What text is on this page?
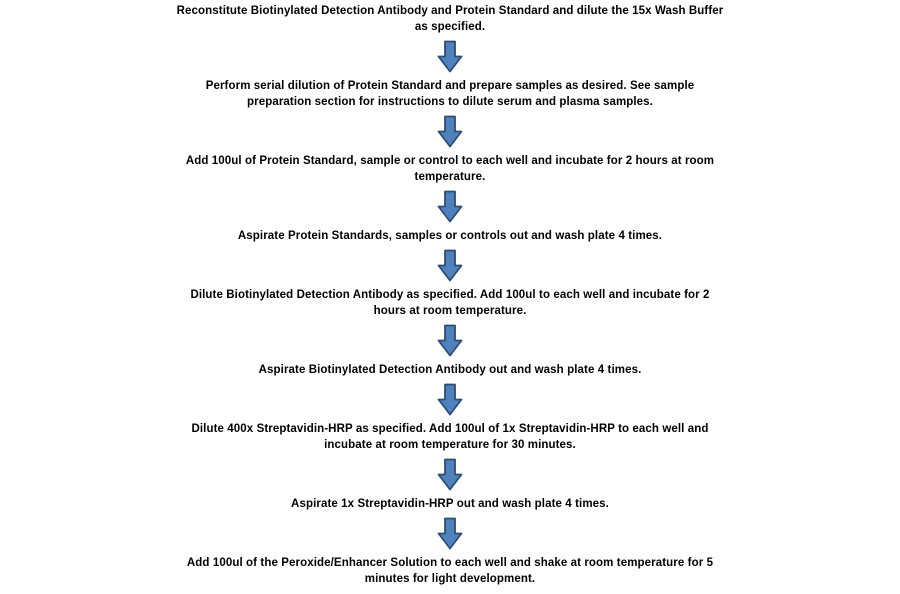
Reconstitute Biotinylated Detection Antibody and Protein Standard and dilute the 15x Wash Buffer
as specified.
Perform serial dilution of Protein Standard and prepare samples as desired. See sample
preparation section for instructions to dilute serum and plasma samples.
Add 100ul of Protein Standard, sample or control to each well and incubate for 2 hours at room
temperature.
Aspirate Protein Standards, samples or controls out and wash plate 4 times.
Dilute Biotinylated Detection Antibody as specified. Add 100ul to each well and incubate for 2
hours at room temperature.
Aspirate Biotinylated Detection Antibody out and wash plate 4 times.
Dilute 400x Streptavidin-HRP as specified. Add 100ul of 1x Streptavidin-HRP to each well and
incubate at room temperature for 30 minutes.
Aspirate 1x Streptavidin-HRP out and wash plate 4 times.
Add 100ul of the Peroxide/Enhancer Solution to each well and shake at room temperature for 5
minutes for light development.
